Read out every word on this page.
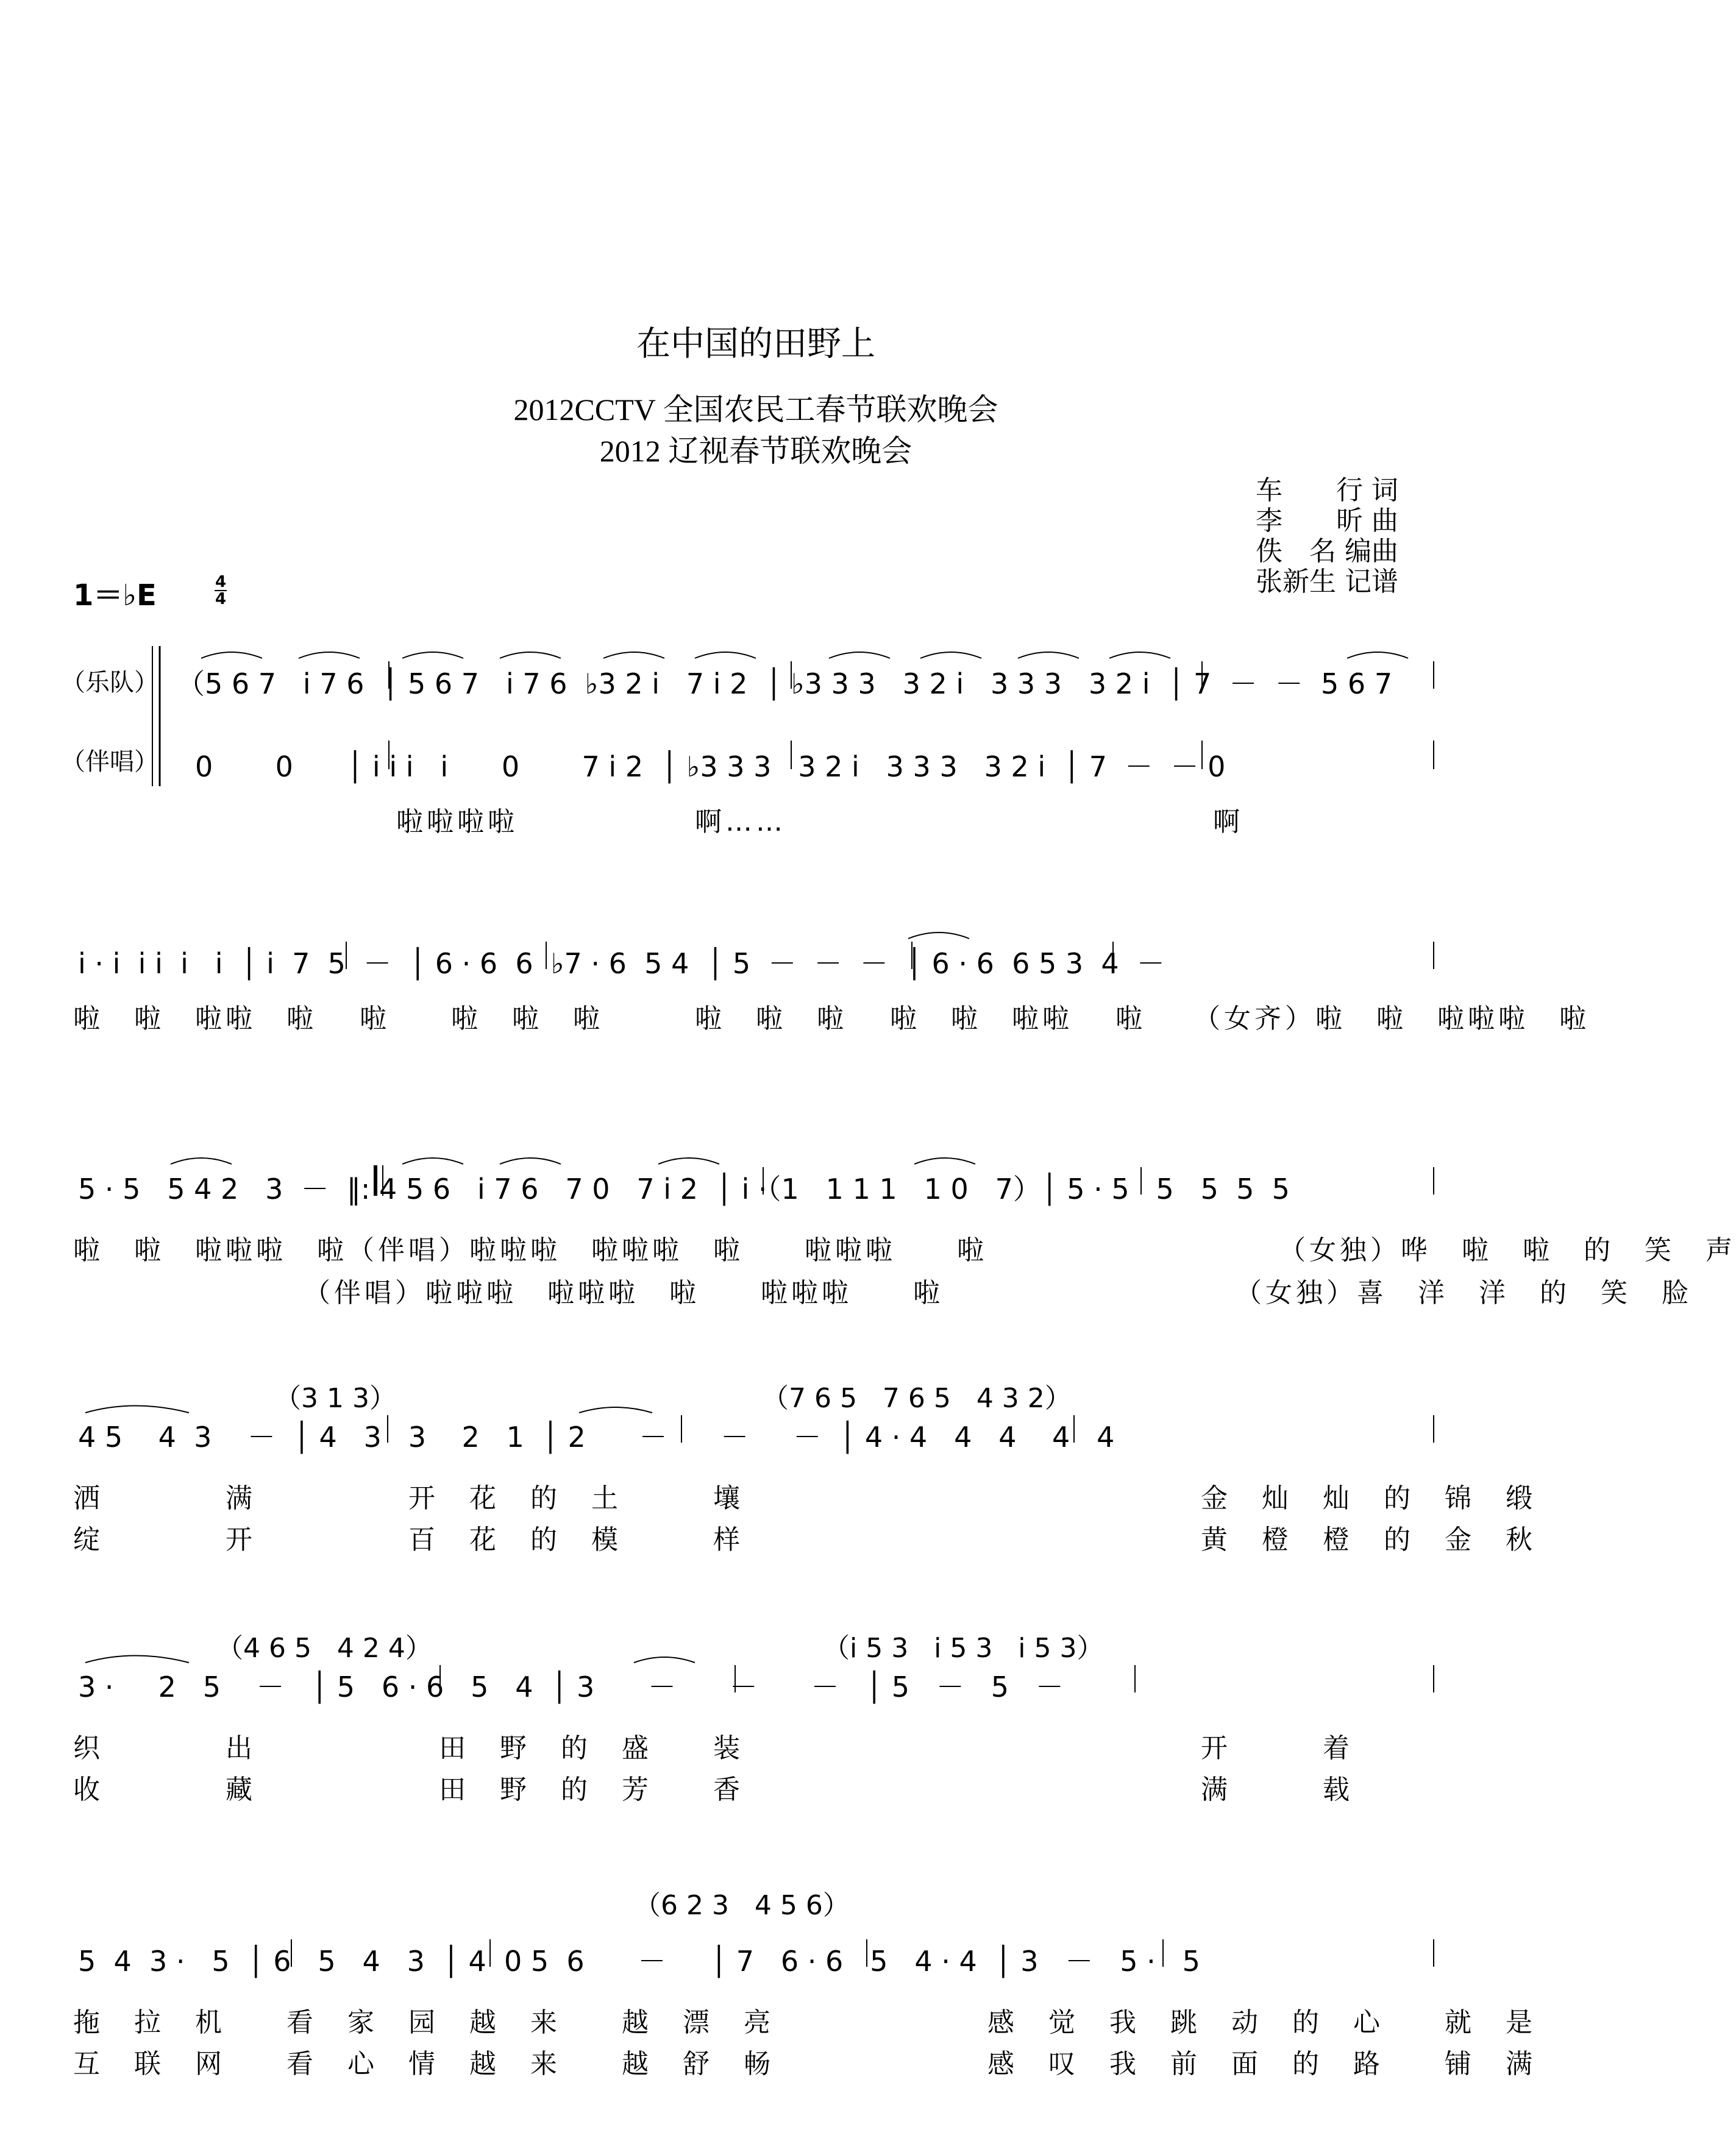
在中国的田野上
2012CCTV 全国农民工春节联欢晚会
2012 辽视春节联欢晚会
车　　行 词
李　　昕 曲
佚　名 编曲
张新生 记谱
1＝♭E	4
4
（乐队）
（伴唱）
（5 6 7   i 7 6  │ 5 6 7   i 7 6  ♭3 2 i   7 i 2  │ ♭3 3 3   3 2 i   3 3 3   3 2 i  │ 7  －  －  5 6 7
0       0      │ i i i   i      0       7 i 2  │ ♭3 3 3   3 2 i   3 3 3   3 2 i  │ 7  －  － 0
啦啦啦 啦	啊……	啊
i · i  i i  i   i  │ i  7  5  －  │ 6 · 6  6  ♭7 · 6  5 4  │ 5  －  －  －  │ 6 · 6  6 5 3  4  －
啦　啦　啦啦　啦　 啦　　啦　啦　啦　　　啦　啦　啦　 啦　啦　啦啦　 啦　　（女齐）啦　啦　啦啦啦　啦
5 · 5   5 4 2   3  －  ‖: 4 5 6   i 7 6   7 0   7 i 2  │ i ·（1   1 1 1   1 0   7）│ 5 · 5   5   5  5  5
啦　啦　啦啦啦　啦（伴唱）啦啦啦　啦啦啦　啦　　啦啦啦　　啦　　　　　　　　　　（女独）哗　啦　啦　的　笑　声
　　　　　　　　（伴唱）啦啦啦　啦啦啦　啦　　啦啦啦　　啦　　　　　　　　　　（女独）喜　洋　洋　的　笑　脸
（3 1 3）	（7 6 5   7 6 5   4 3 2）
4 5    4  3    －  │ 4   3   3    2   1  │ 2      －      －     －  │ 4 · 4   4   4    4   4
洒　　　　满　　　　　开　花　的　土　　　壤　　　　　　　　　　　　　　　金　灿　灿　的　锦　缎
绽　　　　开　　　　　百　花　的　模　　　样　　　　　　　　　　　　　　　黄　橙　橙　的　金　秋
（4 6 5   4 2 4）	（i 5 3   i 5 3   i 5 3）
3 ·     2   5    －   │ 5   6 · 6   5   4  │ 3      －      －      －   │ 5   －   5   －
织　　　　出　　　　　　田　野　的　盛　　装　　　　　　　　　　　　　　　开　　　着
收　　　　藏　　　　　　田　野　的　芳　　香　　　　　　　　　　　　　　　满　　　载
（6 2 3   4 5 6）
5  4  3 ·   5  │ 6   5   4   3  │ 4  0 5  6      －     │ 7   6 · 6   5   4 · 4  │ 3   －   5 ·   5
拖　拉　机　　看　家　园　越　来　　越　漂　亮　　　　　　　感　觉　我　跳　动　的　心　　就　是
互　联　网　　看　心　情　越　来　　越　舒　畅　　　　　　　感　叹　我　前　面　的　路　　铺　满
